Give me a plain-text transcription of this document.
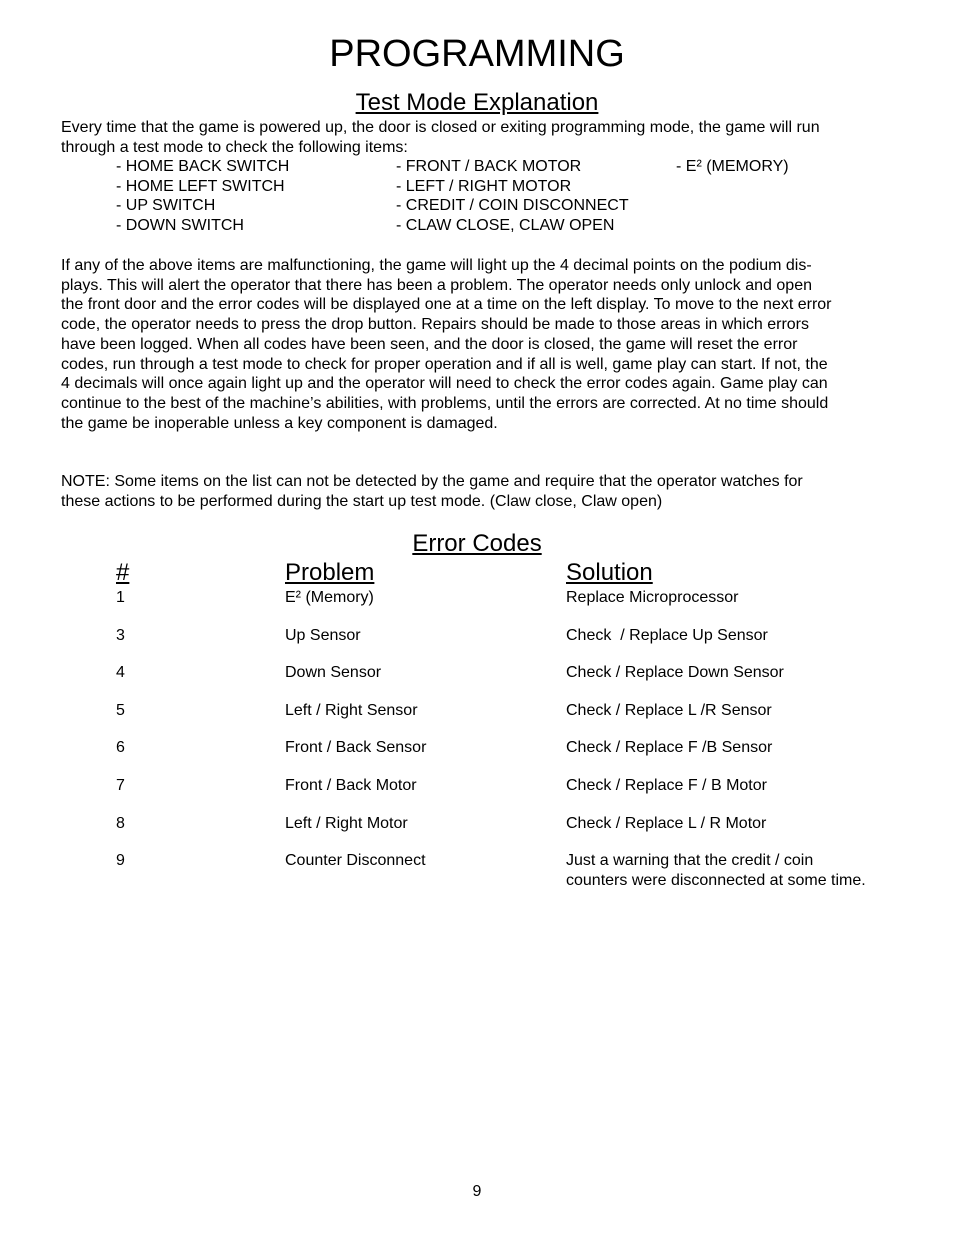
PROGRAMMING
Test Mode Explanation
Every time that the game is powered up, the door is closed or exiting programming mode, the game will run
through a test mode to check the following items:
- HOME BACK SWITCH
- HOME LEFT SWITCH
- UP SWITCH
- DOWN SWITCH
- FRONT / BACK MOTOR
- LEFT / RIGHT MOTOR
- CREDIT / COIN DISCONNECT
- CLAW CLOSE, CLAW OPEN
- E² (MEMORY)
If any of the above items are malfunctioning, the game will light up the 4 decimal points on the podium dis-
plays. This will alert the operator that there has been a problem. The operator needs only unlock and open
the front door and the error codes will be displayed one at a time on the left display. To move to the next error
code, the operator needs to press the drop button. Repairs should be made to those areas in which errors
have been logged. When all codes have been seen, and the door is closed, the game will reset the error
codes, run through a test mode to check for proper operation and if all is well, game play can start. If not, the
4 decimals will once again light up and the operator will need to check the error codes again. Game play can
continue to the best of the machine’s abilities, with problems, until the errors are corrected. At no time should
the game be inoperable unless a key component is damaged.
NOTE: Some items on the list can not be detected by the game and require that the operator watches for
these actions to be performed during the start up test mode. (Claw close, Claw open)
Error Codes
#	Problem	Solution
1	E² (Memory)	Replace Microprocessor
3	Up Sensor	Check  / Replace Up Sensor
4	Down Sensor	Check / Replace Down Sensor
5	Left / Right Sensor	Check / Replace L /R Sensor
6	Front / Back Sensor	Check / Replace F /B Sensor
7	Front / Back Motor	Check / Replace F / B Motor
8	Left / Right Motor	Check / Replace L / R Motor
9	Counter Disconnect	Just a warning that the credit / coin
counters were disconnected at some time.
9
